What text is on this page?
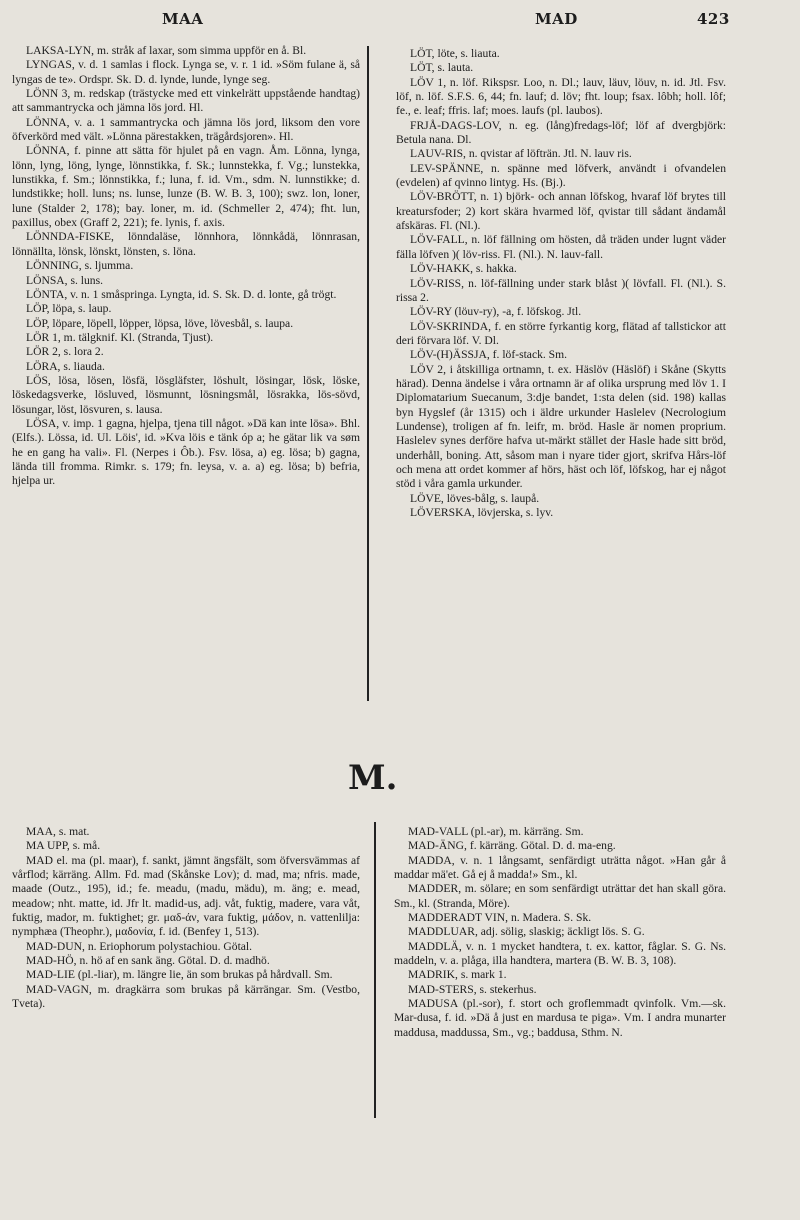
MAA	MAD	423

LAKSA-LYN, m. stråk af laxar, som simma uppför en å. Bl.

LYNGAS, v. d. 1 samlas i flock. Lynga se, v. r. 1 id. »Söm fulane ä, så lyngas de te». Ordspr. Sk. D. d. lynde, lunde, lynge seg.

LÖNN 3, m. redskap (trästycke med ett vinkelrätt uppstående handtag) att sammantrycka och jämna lös jord. Hl.

LÖNNA, v. a. 1 sammantrycka och jämna lös jord, liksom den vore öfverkörd med vält. »Lönna pärestakken, trägårdsjoren». Hl.

LÖNNA, f. pinne att sätta för hjulet på en vagn. Åm. Lönna, lynga, lönn, lyng, löng, lynge, lönnstikka, f. Sk.; lunnstekka, f. Vg.; lunstekka, lunstikka, f. Sm.; lönnstikka, f.; luna, f. id. Vm., sdm. N. lunnstikke; d. lundstikke; holl. luns; ns. lunse, lunze (B. W. B. 3, 100); swz. lon, loner, lune (Stalder 2, 178); bay. loner, m. id. (Schmeller 2, 474); fht. lun, paxillus, obex (Graff 2, 221); fe. lynis, f. axis.

LÖNNDA-FISKE, lönndaläse, lönnhora, lönnkådä, lönnrasan, lönnällta, lönsk, lönskt, lönsten, s. löna.

LÖNNING, s. ljumma.

LÖNSA, s. luns.

LÖNTA, v. n. 1 småspringa. Lyngta, id. S. Sk. D. d. lonte, gå trögt.

LÖP, löpa, s. laup.

LÖP, löpare, löpell, löpper, löpsa, löve, lövesbål, s. laupa.

LÖR 1, m. tälgknif. Kl. (Stranda, Tjust).

LÖR 2, s. lora 2.

LÖRA, s. liauda.

LÖS, lösa, lösen, lösfä, lösgläfster, löshult, lösingar, lösk, löske, löskedagsverke, lösluved, lösmunnt, lösningsmål, lösrakka, lös-sövd, lösungar, löst, lösvuren, s. lausa.

LÖSA, v. imp. 1 gagna, hjelpa, tjena till något. »Dä kan inte lösa». Bhl. (Elfs.). Lössa, id. Ul. Löis', id. »Kva löis e tänk óp a; he gätar lik va søm he en gang ha vali». Fl. (Nerpes i Ôb.). Fsv. lösa, a) eg. lösa; b) gagna, lända till fromma. Rimkr. s. 179; fn. leysa, v. a. a) eg. lösa; b) befria, hjelpa ur.

LÖT, löte, s. liauta.

LÖT, s. lauta.

LÖV 1, n. löf. Rikspsr. Loo, n. Dl.; lauv, läuv, löuv, n. id. Jtl. Fsv. löf, n. löf. S.F.S. 6, 44; fn. lauf; d. löv; fht. loup; fsax. lôbh; holl. lôf; fe., e. leaf; ffris. laf; moes. laufs (pl. laubos).

FRJÅ-DAGS-LOV, n. eg. (lång)fredags-löf; löf af dvergbjörk: Betula nana. Dl.

LAUV-RIS, n. qvistar af löfträn. Jtl. N. lauv ris.

LEV-SPÄNNE, n. spänne med löfverk, användt i ofvandelen (evdelen) af qvinno lintyg. Hs. (Bj.).

LÖV-BRÖTT, n. 1) björk- och annan löfskog, hvaraf löf brytes till kreatursfoder; 2) kort skära hvarmed löf, qvistar till sådant ändamål afskäras. Fl. (Nl.).

LÖV-FALL, n. löf fällning om hösten, då träden under lugnt väder fälla löfven )( löv-riss. Fl. (Nl.). N. lauv-fall.

LÖV-HAKK, s. hakka.

LÖV-RISS, n. löf-fällning under stark blåst )( lövfall. Fl. (Nl.). S. rissa 2.

LÖV-RY (löuv-ry), -a, f. löfskog. Jtl.

LÖV-SKRINDA, f. en större fyrkantig korg, flätad af tallstickor att deri förvara löf. V. Dl.

LÖV-(H)ÄSSJA, f. löf-stack. Sm.

LÖV 2, i åtskilliga ortnamn, t. ex. Häslöv (Häslöf) i Skåne (Skytts härad). Denna ändelse i våra ortnamn är af olika ursprung med löv 1. I Diplomatarium Suecanum, 3:dje bandet, 1:sta delen (sid. 198) kallas byn Hygslef (år 1315) och i äldre urkunder Haslelev (Necrologium Lundense), troligen af fn. leifr, m. bröd. Hasle är nomen proprium. Haslelev synes derföre hafva ut-märkt stället der Hasle hade sitt bröd, underhåll, boning. Att, såsom man i nyare tider gjort, skrifva Hårs-löf och mena att ordet kommer af hörs, häst och löf, löfskog, har ej något stöd i våra gamla urkunder.

LÖVE, löves-bålg, s. laupå.

LÖVERSKA, lövjerska, s. lyv.

M.

MAA, s. mat.

MA UPP, s. må.

MAD el. ma (pl. maar), f. sankt, jämnt ängsfält, som öfversvämmas af vårflod; kärräng. Allm. Fd. mad (Skånske Lov); d. mad, ma; nfris. made, maade (Outz., 195), id.; fe. meadu, (madu, mädu), m. äng; e. mead, meadow; nht. matte, id. Jfr lt. madid-us, adj. våt, fuktig, madere, vara våt, fuktig, mador, m. fuktighet; gr. μαδ-άν, vara fuktig, μάδον, n. vattenlilja: nymphæa (Theophr.), μαδονία, f. id. (Benfey 1, 513).

MAD-DUN, n. Eriophorum polystachiou. Götal.

MAD-HÖ, n. hö af en sank äng. Götal. D. d. madhö.

MAD-LIE (pl.-liar), m. längre lie, än som brukas på hårdvall. Sm.

MAD-VAGN, m. dragkärra som brukas på kärrängar. Sm. (Vestbo, Tveta).

MAD-VALL (pl.-ar), m. kärräng. Sm.

MAD-ÄNG, f. kärräng. Götal. D. d. ma-eng.

MADDA, v. n. 1 långsamt, senfärdigt uträtta något. »Han går å maddar mä'et. Gå ej å madda!» Sm., kl.

MADDER, m. sölare; en som senfärdigt uträttar det han skall göra. Sm., kl. (Stranda, Möre).

MADDERADT VIN, n. Madera. S. Sk.

MADDLUAR, adj. sölig, slaskig; äckligt lös. S. G.

MADDLÄ, v. n. 1 mycket handtera, t. ex. kattor, fåglar. S. G. Ns. maddeln, v. a. plåga, illa handtera, martera (B. W. B. 3, 108).

MADRIK, s. mark 1.

MAD-STERS, s. stekerhus.

MADUSA (pl.-sor), f. stort och groflemmadt qvinfolk. Vm.—sk. Mar-dusa, f. id. »Dä å just en mardusa te piga». Vm. I andra munarter maddusa, maddussa, Sm., vg.; baddusa, Sthm. N.
